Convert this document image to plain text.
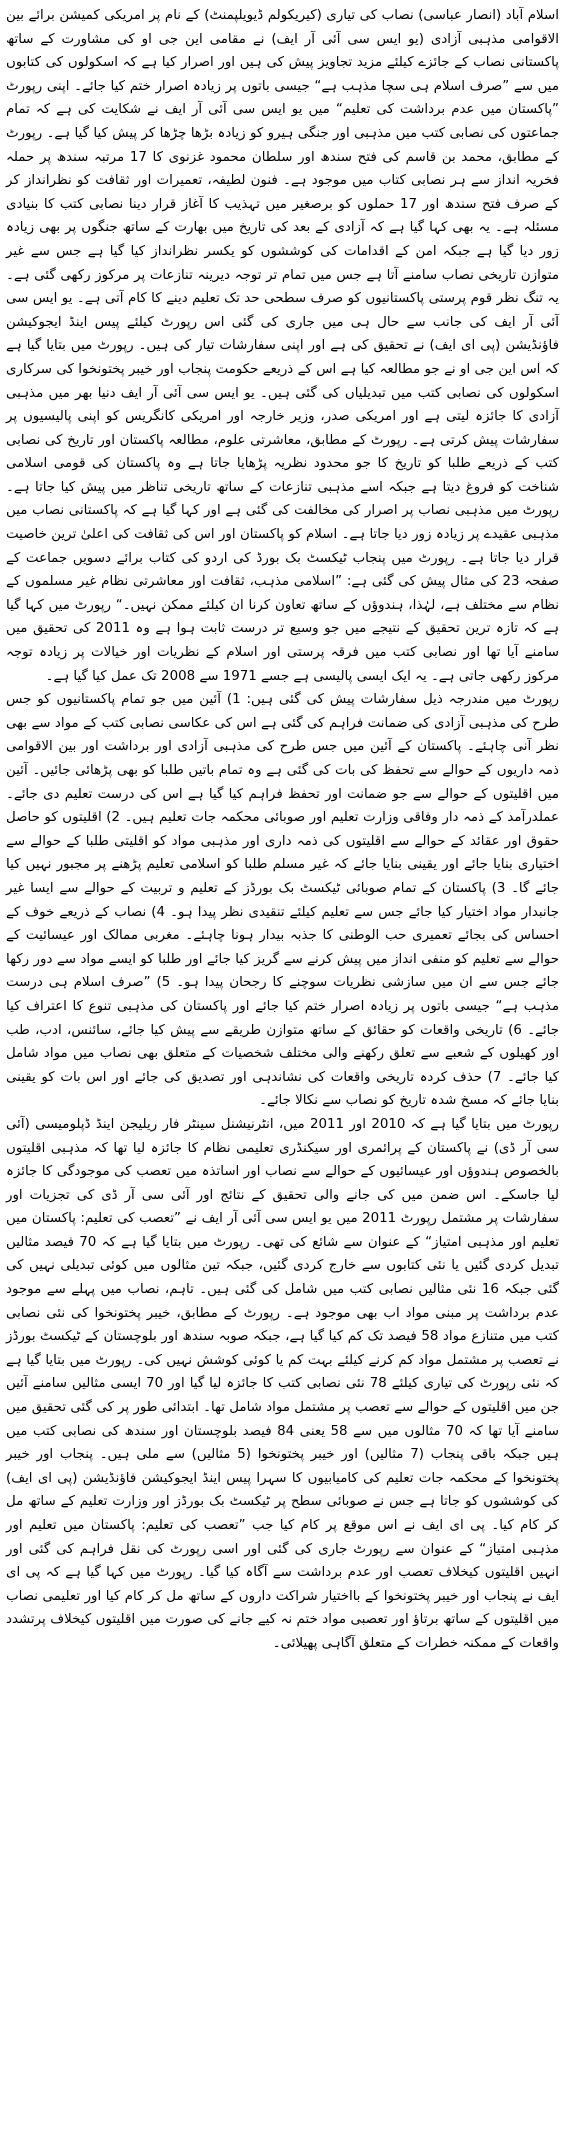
اسلام آباد (انصار عباسی) نصاب کی تیاری (کیریکولم ڈیویلپمنٹ) کے نام پر امریکی کمیشن برائے بین الاقوامی مذہبی آزادی (یو ایس سی آئی آر ایف) نے مقامی این جی او کی مشاورت کے ساتھ پاکستانی نصاب کے جائزے کیلئے مزید تجاویز پیش کی ہیں اور اصرار کیا ہے کہ اسکولوں کی کتابوں میں سے ”صرف اسلام ہی سچا مذہب ہے“ جیسی باتوں پر زیادہ اصرار ختم کیا جائے۔ اپنی رپورٹ ”پاکستان میں عدم برداشت کی تعلیم“ میں یو ایس سی آئی آر ایف نے شکایت کی ہے کہ تمام جماعتوں کی نصابی کتب میں مذہبی اور جنگی ہیرو کو زیادہ بڑھا چڑھا کر پیش کیا گیا ہے۔ رپورٹ کے مطابق، محمد بن قاسم کی فتح سندھ اور سلطان محمود غزنوی کا 17 مرتبہ سندھ پر حملہ فخریہ انداز سے ہر نصابی کتاب میں موجود ہے۔ فنون لطیفہ، تعمیرات اور ثقافت کو نظرانداز کر کے صرف فتح سندھ اور 17 حملوں کو برصغیر میں تہذیب کا آغاز قرار دینا نصابی کتب کا بنیادی مسئلہ ہے۔ یہ بھی کہا گیا ہے کہ آزادی کے بعد کی تاریخ میں بھارت کے ساتھ جنگوں پر بھی زیادہ زور دیا گیا ہے جبکہ امن کے اقدامات کی کوششوں کو یکسر نظرانداز کیا گیا ہے جس سے غیر متوازن تاریخی نصاب سامنے آتا ہے جس میں تمام تر توجہ دیرینہ تنازعات پر مرکوز رکھی گئی ہے۔ یہ تنگ نظر قوم پرستی پاکستانیوں کو صرف سطحی حد تک تعلیم دینے کا کام آتی ہے۔ یو ایس سی آئی آر ایف کی جانب سے حال ہی میں جاری کی گئی اس رپورٹ کیلئے پیس اینڈ ایجوکیشن فاؤنڈیشن (پی ای ایف) نے تحقیق کی ہے اور اپنی سفارشات تیار کی ہیں۔ رپورٹ میں بتایا گیا ہے کہ اس این جی او نے جو مطالعہ کیا ہے اس کے ذریعے حکومت پنجاب اور خیبر پختونخوا کی سرکاری اسکولوں کی نصابی کتب میں تبدیلیاں کی گئی ہیں۔ یو ایس سی آئی آر ایف دنیا بھر میں مذہبی آزادی کا جائزہ لیتی ہے اور امریکی صدر، وزیر خارجہ اور امریکی کانگریس کو اپنی پالیسیوں پر سفارشات پیش کرتی ہے۔ رپورٹ کے مطابق، معاشرتی علوم، مطالعہ پاکستان اور تاریخ کی نصابی کتب کے ذریعے طلبا کو تاریخ کا جو محدود نظریہ پڑھایا جاتا ہے وہ پاکستان کی قومی اسلامی شناخت کو فروغ دیتا ہے جبکہ اسے مذہبی تنازعات کے ساتھ تاریخی تناظر میں پیش کیا جاتا ہے۔ رپورٹ میں مذہبی نصاب پر اصرار کی مخالفت کی گئی ہے اور کہا گیا ہے کہ پاکستانی نصاب میں مذہبی عقیدے پر زیادہ زور دیا جاتا ہے۔ اسلام کو پاکستان اور اس کی ثقافت کی اعلیٰ ترین خاصیت قرار دیا جاتا ہے۔ رپورٹ میں پنجاب ٹیکسٹ بک بورڈ کی اردو کی کتاب برائے دسویں جماعت کے صفحہ 23 کی مثال پیش کی گئی ہے: ”اسلامی مذہب، ثقافت اور معاشرتی نظام غیر مسلموں کے نظام سے مختلف ہے، لہٰذا، ہندوؤں کے ساتھ تعاون کرنا ان کیلئے ممکن نہیں۔“ رپورٹ میں کہا گیا ہے کہ تازہ ترین تحقیق کے نتیجے میں جو وسیع تر درست ثابت ہوا ہے وہ 2011 کی تحقیق میں سامنے آیا تھا اور نصابی کتب میں فرقہ پرستی اور اسلام کے نظریات اور خیالات پر زیادہ توجہ مرکوز رکھی جاتی ہے۔ یہ ایک ایسی پالیسی ہے جسے 1971 سے 2008 تک عمل کیا گیا ہے۔

رپورٹ میں مندرجہ ذیل سفارشات پیش کی گئی ہیں: 1) آئین میں جو تمام پاکستانیوں کو جس طرح کی مذہبی آزادی کی ضمانت فراہم کی گئی ہے اس کی عکاسی نصابی کتب کے مواد سے بھی نظر آنی چاہئے۔ پاکستان کے آئین میں جس طرح کی مذہبی آزادی اور برداشت اور بین الاقوامی ذمہ داریوں کے حوالے سے تحفظ کی بات کی گئی ہے وہ تمام باتیں طلبا کو بھی پڑھائی جائیں۔ آئین میں اقلیتوں کے حوالے سے جو ضمانت اور تحفظ فراہم کیا گیا ہے اس کی درست تعلیم دی جائے۔ عملدرآمد کے ذمہ دار وفاقی وزارت تعلیم اور صوبائی محکمہ جات تعلیم ہیں۔ 2) اقلیتوں کو حاصل حقوق اور عقائد کے حوالے سے اقلیتوں کی ذمہ داری اور مذہبی مواد کو اقلیتی طلبا کے حوالے سے اختیاری بنایا جائے اور یقینی بنایا جائے کہ غیر مسلم طلبا کو اسلامی تعلیم پڑھنے پر مجبور نہیں کیا جائے گا۔ 3) پاکستان کے تمام صوبائی ٹیکسٹ بک بورڈز کے تعلیم و تربیت کے حوالے سے ایسا غیر جانبدار مواد اختیار کیا جائے جس سے تعلیم کیلئے تنقیدی نظر پیدا ہو۔ 4) نصاب کے ذریعے خوف کے احساس کی بجائے تعمیری حب الوطنی کا جذبہ بیدار ہونا چاہئے۔ مغربی ممالک اور عیسائیت کے حوالے سے تعلیم کو منفی انداز میں پیش کرنے سے گریز کیا جائے اور طلبا کو ایسے مواد سے دور رکھا جائے جس سے ان میں سازشی نظریات سوچنے کا رجحان پیدا ہو۔ 5) ”صرف اسلام ہی درست مذہب ہے“ جیسی باتوں پر زیادہ اصرار ختم کیا جائے اور پاکستان کی مذہبی تنوع کا اعتراف کیا جائے۔ 6) تاریخی واقعات کو حقائق کے ساتھ متوازن طریقے سے پیش کیا جائے، سائنس، ادب، طب اور کھیلوں کے شعبے سے تعلق رکھنے والی مختلف شخصیات کے متعلق بھی نصاب میں مواد شامل کیا جائے۔ 7) حذف کردہ تاریخی واقعات کی نشاندہی اور تصدیق کی جائے اور اس بات کو یقینی بنایا جائے کہ مسخ شدہ تاریخ کو نصاب سے نکالا جائے۔

رپورٹ میں بتایا گیا ہے کہ 2010 اور 2011 میں، انٹرنیشنل سینٹر فار ریلیجن اینڈ ڈپلومیسی (آئی سی آر ڈی) نے پاکستان کے پرائمری اور سیکنڈری تعلیمی نظام کا جائزہ لیا تھا کہ مذہبی اقلیتوں بالخصوص ہندوؤں اور عیسائیوں کے حوالے سے نصاب اور اساتذہ میں تعصب کی موجودگی کا جائزہ لیا جاسکے۔ اس ضمن میں کی جانے والی تحقیق کے نتائج اور آئی سی آر ڈی کی تجزیات اور سفارشات پر مشتمل رپورٹ 2011 میں یو ایس سی آئی آر ایف نے ”تعصب کی تعلیم: پاکستان میں تعلیم اور مذہبی امتیاز“ کے عنوان سے شائع کی تھی۔ رپورٹ میں بتایا گیا ہے کہ 70 فیصد مثالیں تبدیل کردی گئیں یا نئی کتابوں سے خارج کردی گئیں، جبکہ تین مثالوں میں کوئی تبدیلی نہیں کی گئی جبکہ 16 نئی مثالیں نصابی کتب میں شامل کی گئی ہیں۔ تاہم، نصاب میں پہلے سے موجود عدم برداشت پر مبنی مواد اب بھی موجود ہے۔ رپورٹ کے مطابق، خیبر پختونخوا کی نئی نصابی کتب میں متنازع مواد 58 فیصد تک کم کیا گیا ہے، جبکہ صوبہ سندھ اور بلوچستان کے ٹیکسٹ بورڈز نے تعصب پر مشتمل مواد کم کرنے کیلئے بہت کم یا کوئی کوشش نہیں کی۔ رپورٹ میں بتایا گیا ہے کہ نئی رپورٹ کی تیاری کیلئے 78 نئی نصابی کتب کا جائزہ لیا گیا اور 70 ایسی مثالیں سامنے آئیں جن میں اقلیتوں کے حوالے سے تعصب پر مشتمل مواد شامل تھا۔ ابتدائی طور پر کی گئی تحقیق میں سامنے آیا تھا کہ 70 مثالوں میں سے 58 یعنی 84 فیصد بلوچستان اور سندھ کی نصابی کتب میں ہیں جبکہ باقی پنجاب (7 مثالیں) اور خیبر پختونخوا (5 مثالیں) سے ملی ہیں۔ پنجاب اور خیبر پختونخوا کے محکمہ جات تعلیم کی کامیابیوں کا سہرا پیس اینڈ ایجوکیشن فاؤنڈیشن (پی ای ایف) کی کوششوں کو جاتا ہے جس نے صوبائی سطح پر ٹیکسٹ بک بورڈز اور وزارت تعلیم کے ساتھ مل کر کام کیا۔ پی ای ایف نے اس موقع پر کام کیا جب ”تعصب کی تعلیم: پاکستان میں تعلیم اور مذہبی امتیاز“ کے عنوان سے رپورٹ جاری کی گئی اور اسی رپورٹ کی نقل فراہم کی گئی اور انہیں اقلیتوں کیخلاف تعصب اور عدم برداشت سے آگاہ کیا گیا۔ رپورٹ میں کہا گیا ہے کہ پی ای ایف نے پنجاب اور خیبر پختونخوا کے بااختیار شراکت داروں کے ساتھ مل کر کام کیا اور تعلیمی نصاب میں اقلیتوں کے ساتھ برتاؤ اور تعصبی مواد ختم نہ کیے جانے کی صورت میں اقلیتوں کیخلاف پرتشدد واقعات کے ممکنہ خطرات کے متعلق آگاہی پھیلائی۔
